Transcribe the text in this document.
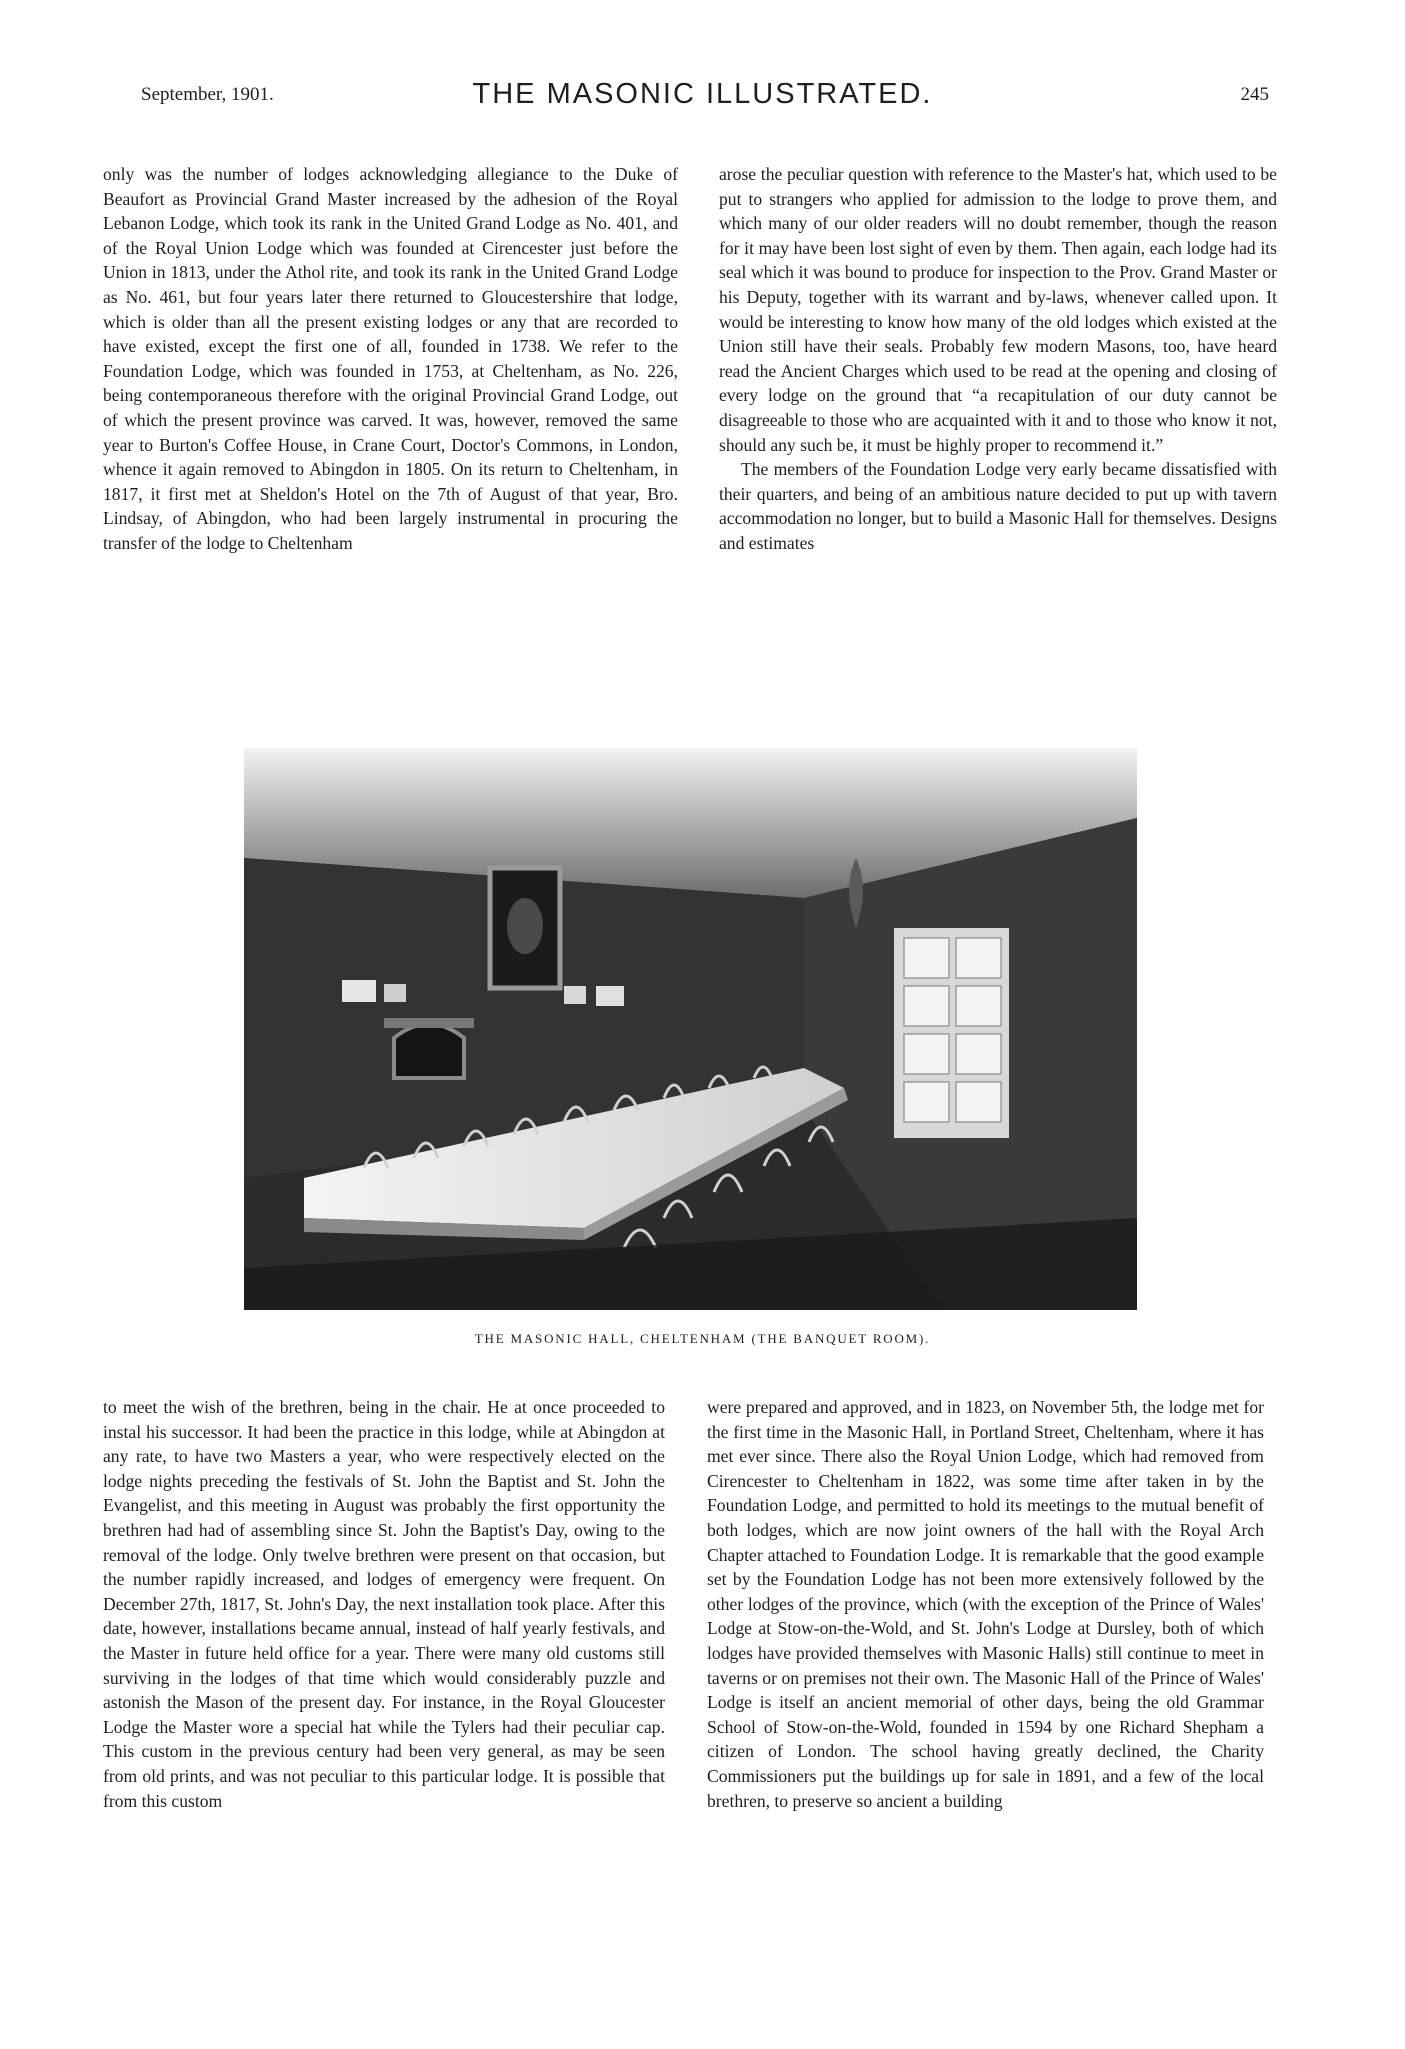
September, 1901.	THE MASONIC ILLUSTRATED.	245

only was the number of lodges acknowledging allegiance to the Duke of Beaufort as Provincial Grand Master increased by the adhesion of the Royal Lebanon Lodge, which took its rank in the United Grand Lodge as No. 401, and of the Royal Union Lodge which was founded at Cirencester just before the Union in 1813, under the Athol rite, and took its rank in the United Grand Lodge as No. 461, but four years later there returned to Gloucestershire that lodge, which is older than all the present existing lodges or any that are recorded to have existed, except the first one of all, founded in 1738. We refer to the Foundation Lodge, which was founded in 1753, at Cheltenham, as No. 226, being contemporaneous therefore with the original Provincial Grand Lodge, out of which the present province was carved. It was, however, removed the same year to Burton's Coffee House, in Crane Court, Doctor's Commons, in London, whence it again removed to Abingdon in 1805. On its return to Cheltenham, in 1817, it first met at Sheldon's Hotel on the 7th of August of that year, Bro. Lindsay, of Abingdon, who had been largely instrumental in procuring the transfer of the lodge to Cheltenham

arose the peculiar question with reference to the Master's hat, which used to be put to strangers who applied for admission to the lodge to prove them, and which many of our older readers will no doubt remember, though the reason for it may have been lost sight of even by them. Then again, each lodge had its seal which it was bound to produce for inspection to the Prov. Grand Master or his Deputy, together with its warrant and by-laws, whenever called upon. It would be interesting to know how many of the old lodges which existed at the Union still have their seals. Probably few modern Masons, too, have heard read the Ancient Charges which used to be read at the opening and closing of every lodge on the ground that “a recapitulation of our duty cannot be disagreeable to those who are acquainted with it and to those who know it not, should any such be, it must be highly proper to recommend it.”

The members of the Foundation Lodge very early became dissatisfied with their quarters, and being of an ambitious nature decided to put up with tavern accommodation no longer, but to build a Masonic Hall for themselves. Designs and estimates

THE MASONIC HALL, CHELTENHAM (THE BANQUET ROOM).

to meet the wish of the brethren, being in the chair. He at once proceeded to instal his successor. It had been the practice in this lodge, while at Abingdon at any rate, to have two Masters a year, who were respectively elected on the lodge nights preceding the festivals of St. John the Baptist and St. John the Evangelist, and this meeting in August was probably the first opportunity the brethren had had of assembling since St. John the Baptist's Day, owing to the removal of the lodge. Only twelve brethren were present on that occasion, but the number rapidly increased, and lodges of emergency were frequent. On December 27th, 1817, St. John's Day, the next installation took place. After this date, however, installations became annual, instead of half yearly festivals, and the Master in future held office for a year. There were many old customs still surviving in the lodges of that time which would considerably puzzle and astonish the Mason of the present day. For instance, in the Royal Gloucester Lodge the Master wore a special hat while the Tylers had their peculiar cap. This custom in the previous century had been very general, as may be seen from old prints, and was not peculiar to this particular lodge. It is possible that from this custom

were prepared and approved, and in 1823, on November 5th, the lodge met for the first time in the Masonic Hall, in Portland Street, Cheltenham, where it has met ever since. There also the Royal Union Lodge, which had removed from Cirencester to Cheltenham in 1822, was some time after taken in by the Foundation Lodge, and permitted to hold its meetings to the mutual benefit of both lodges, which are now joint owners of the hall with the Royal Arch Chapter attached to Foundation Lodge. It is remarkable that the good example set by the Foundation Lodge has not been more extensively followed by the other lodges of the province, which (with the exception of the Prince of Wales' Lodge at Stow-on-the-Wold, and St. John's Lodge at Dursley, both of which lodges have provided themselves with Masonic Halls) still continue to meet in taverns or on premises not their own. The Masonic Hall of the Prince of Wales' Lodge is itself an ancient memorial of other days, being the old Grammar School of Stow-on-the-Wold, founded in 1594 by one Richard Shepham a citizen of London. The school having greatly declined, the Charity Commissioners put the buildings up for sale in 1891, and a few of the local brethren, to preserve so ancient a building
